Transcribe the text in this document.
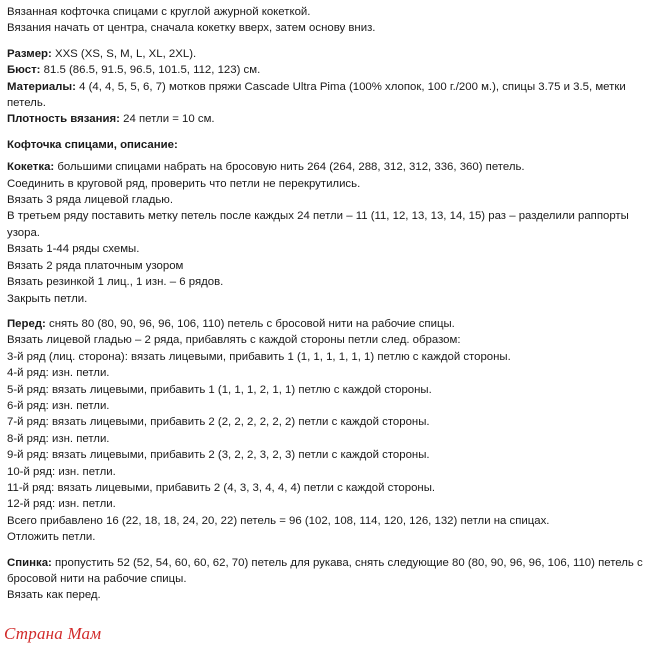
Вязанная кофточка спицами с круглой ажурной кокеткой.
Вязания начать от центра, сначала кокетку вверх, затем основу вниз.
Размер: XXS (XS, S, M, L, XL, 2XL).
Бюст: 81.5 (86.5, 91.5, 96.5, 101.5, 112, 123) см.
Материалы: 4 (4, 4, 5, 5, 6, 7) мотков пряжи Cascade Ultra Pima (100% хлопок, 100 г./200 м.), спицы 3.75 и 3.5, метки петель.
Плотность вязания: 24 петли = 10 см.
Кофточка спицами, описание:
Кокетка: большими спицами набрать на бросовую нить 264 (264, 288, 312, 312, 336, 360) петель.
Соединить в круговой ряд, проверить что петли не перекрутились.
Вязать 3 ряда лицевой гладью.
В третьем ряду поставить метку петель после каждых 24 петли – 11 (11, 12, 13, 13, 14, 15) раз – разделили раппорты узора.
Вязать 1-44 ряды схемы.
Вязать 2 ряда платочным узором
Вязать резинкой 1 лиц., 1 изн. – 6 рядов.
Закрыть петли.
Перед: снять 80 (80, 90, 96, 96, 106, 110) петель с бросовой нити на рабочие спицы.
Вязать лицевой гладью – 2 ряда, прибавлять с каждой стороны петли след. образом:
3-й ряд (лиц. сторона): вязать лицевыми, прибавить 1 (1, 1, 1, 1, 1, 1) петлю с каждой стороны.
4-й ряд: изн. петли.
5-й ряд: вязать лицевыми, прибавить 1 (1, 1, 1, 2, 1, 1) петлю с каждой стороны.
6-й ряд: изн. петли.
7-й ряд: вязать лицевыми, прибавить 2 (2, 2, 2, 2, 2, 2) петли с каждой стороны.
8-й ряд: изн. петли.
9-й ряд: вязать лицевыми, прибавить 2 (3, 2, 2, 3, 2, 3) петли с каждой стороны.
10-й ряд: изн. петли.
11-й ряд: вязать лицевыми, прибавить 2 (4, 3, 3, 4, 4, 4) петли с каждой стороны.
12-й ряд: изн. петли.
Всего прибавлено 16 (22, 18, 18, 24, 20, 22) петель = 96 (102, 108, 114, 120, 126, 132) петли на спицах.
Отложить петли.
Спинка: пропустить 52 (52, 54, 60, 60, 62, 70) петель для рукава, снять следующие 80 (80, 90, 96, 96, 106, 110) петель с бросовой нити на рабочие спицы.
Вязать как перед.
Страна Мам
